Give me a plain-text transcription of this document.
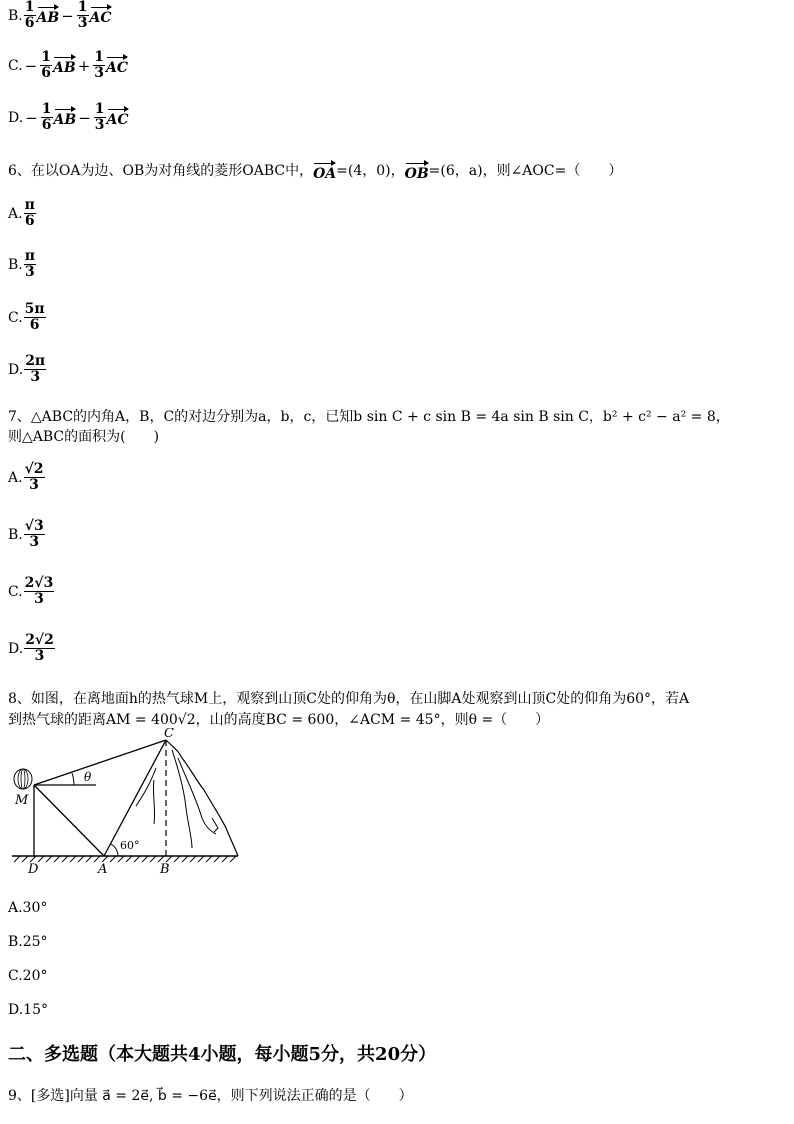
B. $\frac{1}{6}$ AB − $\frac{1}{3}$ AC
C. − $\frac{1}{6}$ AB + $\frac{1}{3}$ AC
D. − $\frac{1}{6}$ AB − $\frac{1}{3}$ AC
6、在以OA为边、OB为对角线的菱形OABC中，OA=(4，0)，OB=(6，a)，则∠AOC=（　　）
A. $\frac{\pi}{6}$
B. $\frac{\pi}{3}$
C. $\frac{5\pi}{6}$
D. $\frac{2\pi}{3}$
7、△ABC的内角A，B，C的对边分别为a，b，c，已知b sin C + c sin B = 4a sin B sin C，b² + c² − a² = 8，
则△ABC的面积为(　　)
A. $\frac{√2}{3}$
B. $\frac{√3}{3}$
C. $\frac{2√3}{3}$
D. $\frac{2√2}{3}$
8、如图，在离地面h的热气球M上，观察到山顶C处的仰角为θ，在山脚A处观察到山顶C处的仰角为60°，若A
到热气球的距离AM = 400√2，山的高度BC = 600，∠ACM = 45°，则θ =（　　）
C
M
D	A	B
θ
60°
A.30°
B.25°
C.20°
D.15°
二、多选题（本大题共4小题，每小题5分，共20分）
9、[多选]向量 a⃗ = 2e⃗, b⃗ = −6e⃗，则下列说法正确的是（　　）
